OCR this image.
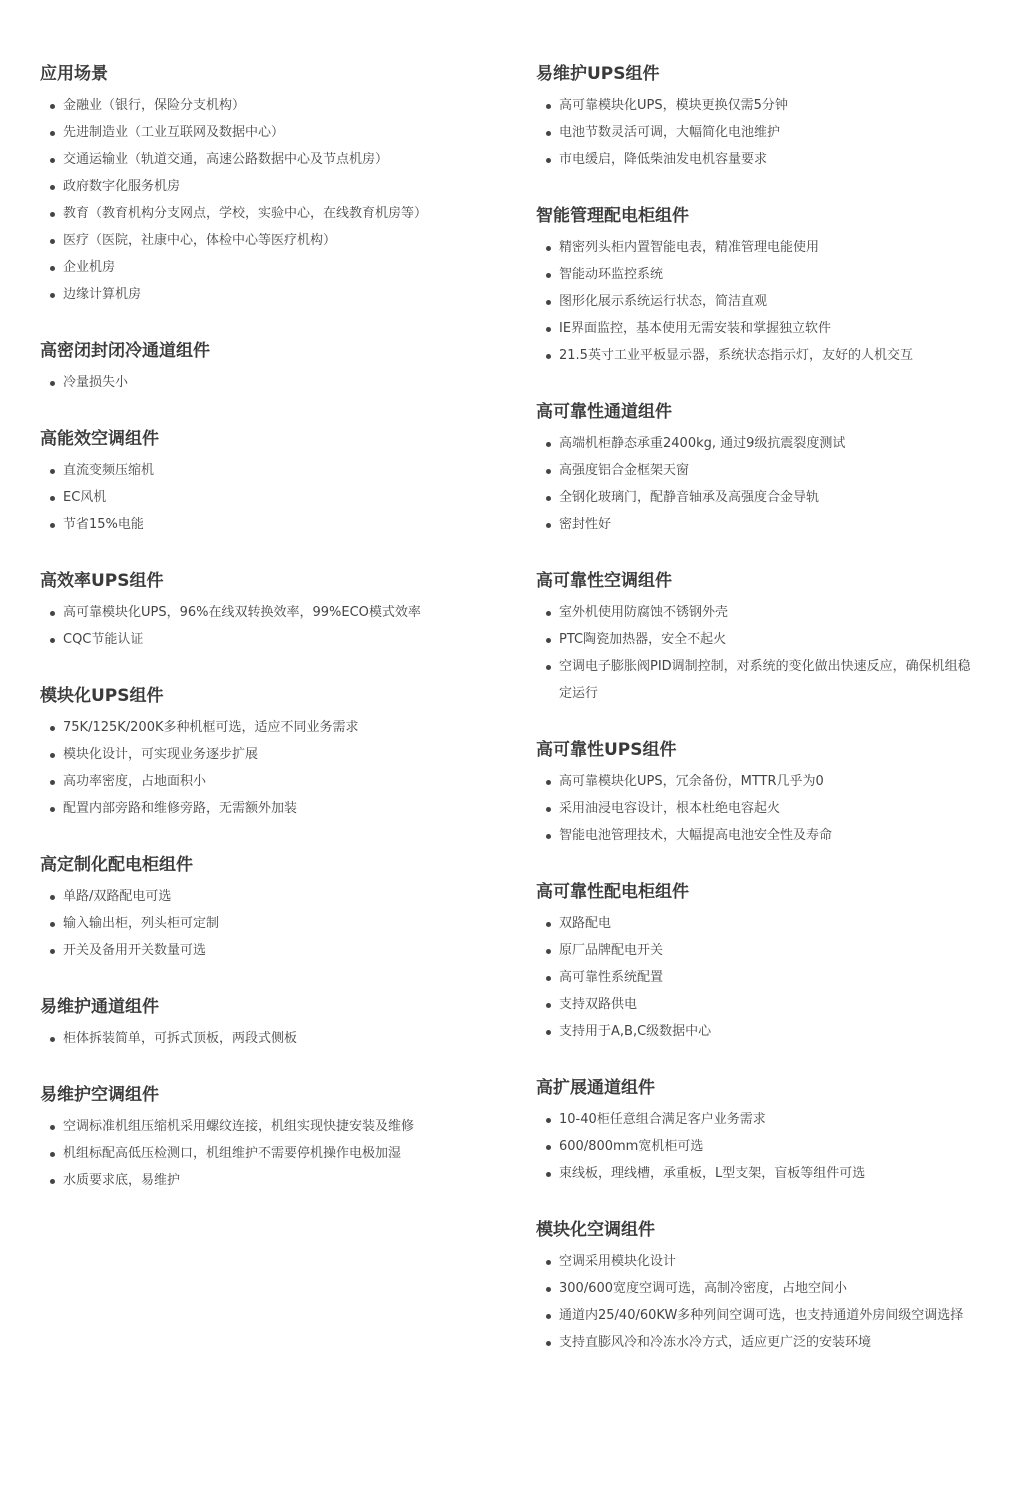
应用场景
金融业（银行，保险分支机构）
先进制造业（工业互联网及数据中心）
交通运输业（轨道交通，高速公路数据中心及节点机房）
政府数字化服务机房
教育（教育机构分支网点，学校，实验中心，在线教育机房等）
医疗（医院，社康中心，体检中心等医疗机构）
企业机房
边缘计算机房
高密闭封闭冷通道组件
冷量损失小
高能效空调组件
直流变频压缩机
EC风机
节省15%电能
高效率UPS组件
高可靠模块化UPS，96%在线双转换效率，99%ECO模式效率
CQC节能认证
模块化UPS组件
75K/125K/200K多种机框可选，适应不同业务需求
模块化设计，可实现业务逐步扩展
高功率密度，占地面积小
配置内部旁路和维修旁路，无需额外加装
高定制化配电柜组件
单路/双路配电可选
输入输出柜，列头柜可定制
开关及备用开关数量可选
易维护通道组件
柜体拆装简单，可拆式顶板，两段式侧板
易维护空调组件
空调标准机组压缩机采用螺纹连接，机组实现快捷安装及维修
机组标配高低压检测口，机组维护不需要停机操作电极加湿
水质要求底，易维护
易维护UPS组件
高可靠模块化UPS，模块更换仅需5分钟
电池节数灵活可调，大幅简化电池维护
市电缓启，降低柴油发电机容量要求
智能管理配电柜组件
精密列头柜内置智能电表，精准管理电能使用
智能动环监控系统
图形化展示系统运行状态，简洁直观
IE界面监控，基本使用无需安装和掌握独立软件
21.5英寸工业平板显示器，系统状态指示灯，友好的人机交互
高可靠性通道组件
高端机柜静态承重2400kg, 通过9级抗震裂度测试
高强度铝合金框架天窗
全钢化玻璃门，配静音轴承及高强度合金导轨
密封性好
高可靠性空调组件
室外机使用防腐蚀不锈钢外壳
PTC陶瓷加热器，安全不起火
空调电子膨胀阀PID调制控制，对系统的变化做出快速反应，确保机组稳定运行
高可靠性UPS组件
高可靠模块化UPS，冗余备份，MTTR几乎为0
采用油浸电容设计，根本杜绝电容起火
智能电池管理技术，大幅提高电池安全性及寿命
高可靠性配电柜组件
双路配电
原厂品牌配电开关
高可靠性系统配置
支持双路供电
支持用于A,B,C级数据中心
高扩展通道组件
10-40柜任意组合满足客户业务需求
600/800mm宽机柜可选
束线板，理线槽，承重板，L型支架，盲板等组件可选
模块化空调组件
空调采用模块化设计
300/600宽度空调可选，高制冷密度，占地空间小
通道内25/40/60KW多种列间空调可选，也支持通道外房间级空调选择
支持直膨风冷和冷冻水冷方式，适应更广泛的安装环境
